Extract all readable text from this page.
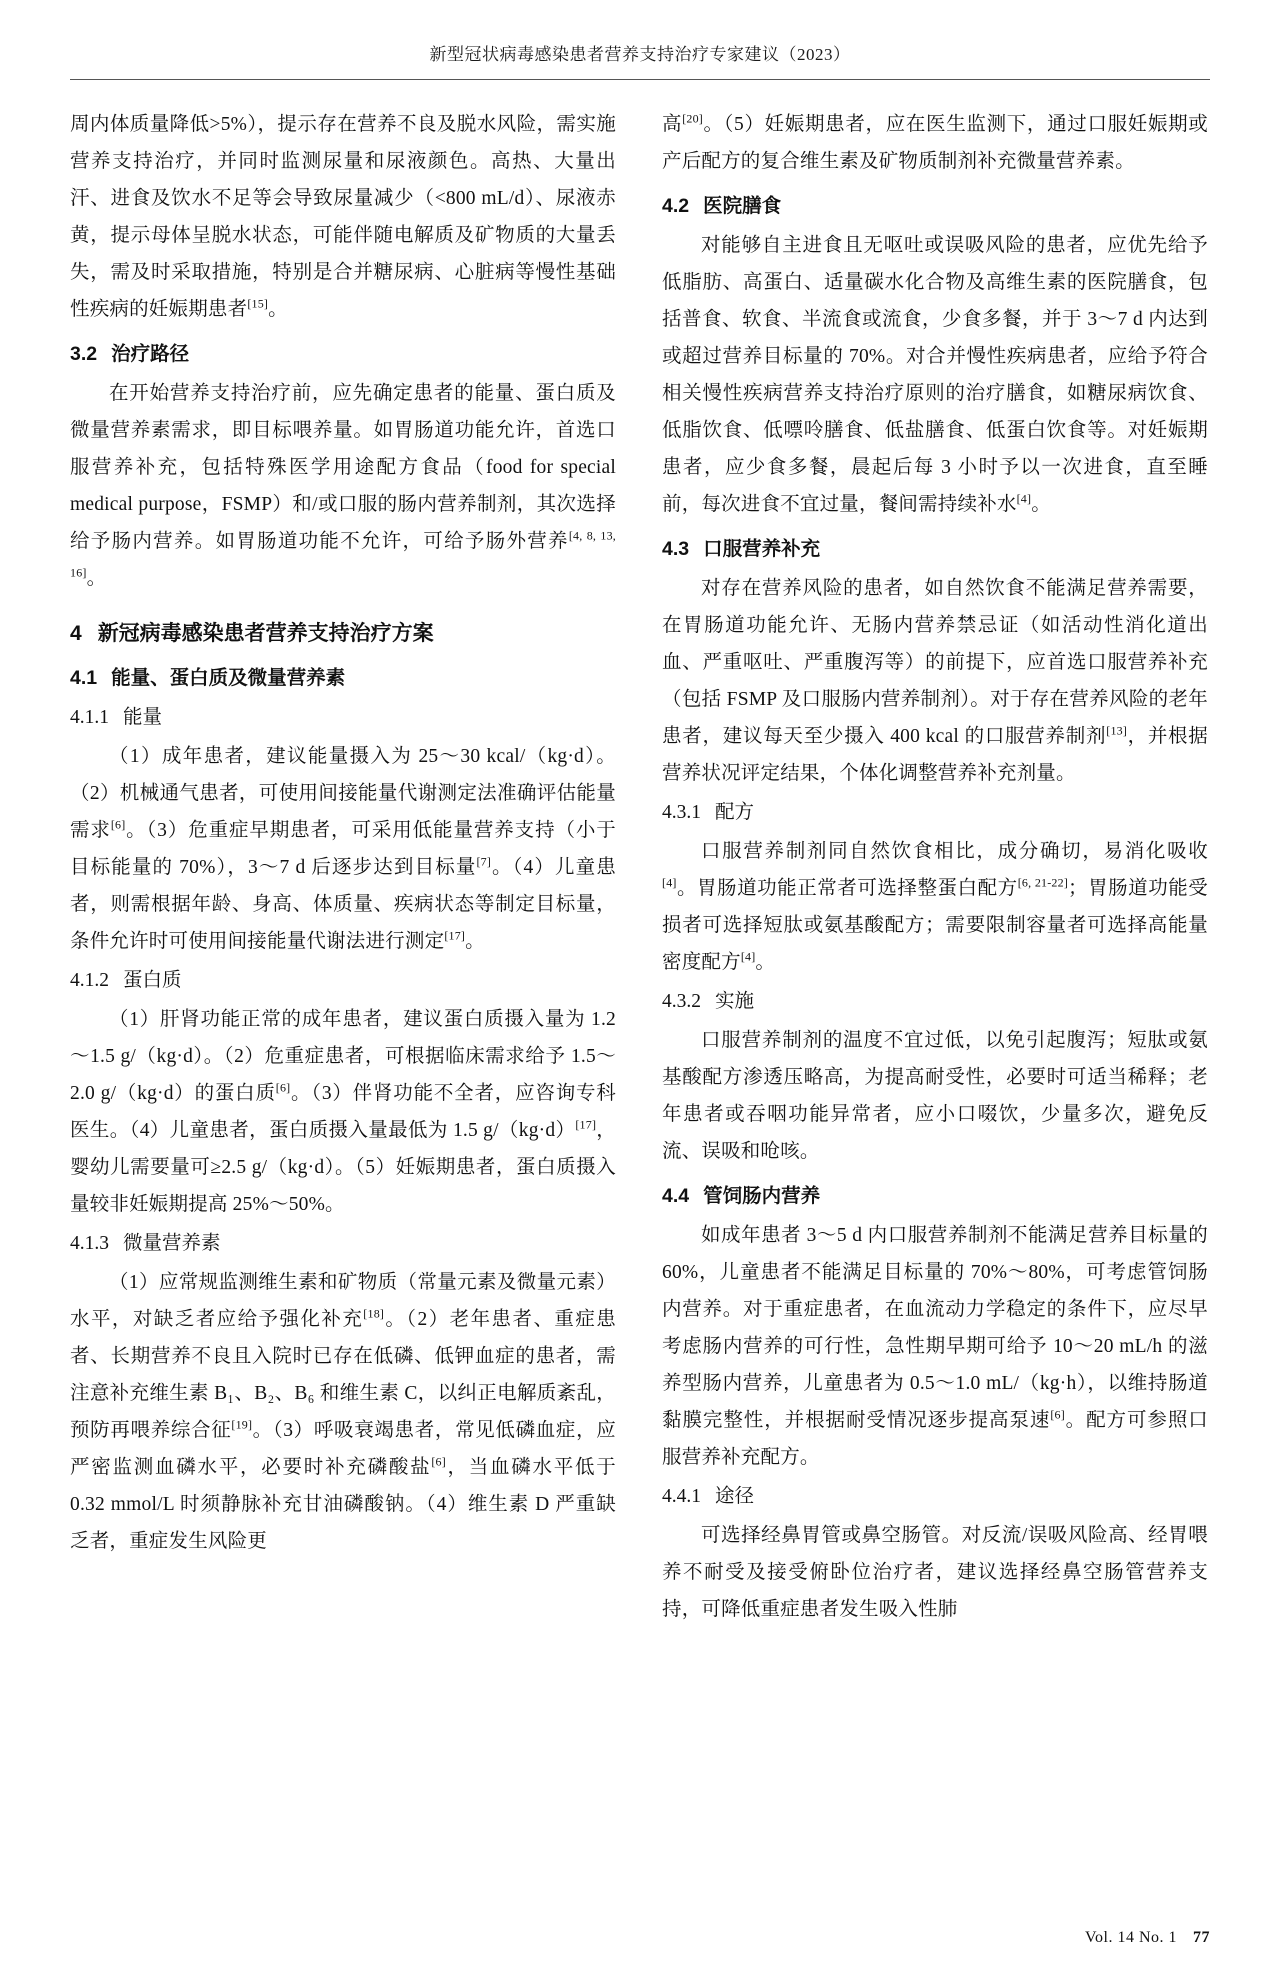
新型冠状病毒感染患者营养支持治疗专家建议（2023）

周内体质量降低>5%），提示存在营养不良及脱水风险，需实施营养支持治疗，并同时监测尿量和尿液颜色。高热、大量出汗、进食及饮水不足等会导致尿量减少（<800 mL/d）、尿液赤黄，提示母体呈脱水状态，可能伴随电解质及矿物质的大量丢失，需及时采取措施，特别是合并糖尿病、心脏病等慢性基础性疾病的妊娠期患者[15]。

3.2 治疗路径

在开始营养支持治疗前，应先确定患者的能量、蛋白质及微量营养素需求，即目标喂养量。如胃肠道功能允许，首选口服营养补充，包括特殊医学用途配方食品（food for special medical purpose，FSMP）和/或口服的肠内营养制剂，其次选择给予肠内营养。如胃肠道功能不允许，可给予肠外营养[4, 8, 13, 16]。

4 新冠病毒感染患者营养支持治疗方案
4.1 能量、蛋白质及微量营养素
4.1.1 能量

（1）成年患者，建议能量摄入为 25～30 kcal/（kg·d）。（2）机械通气患者，可使用间接能量代谢测定法准确评估能量需求[6]。（3）危重症早期患者，可采用低能量营养支持（小于目标能量的 70%），3～7 d 后逐步达到目标量[7]。（4）儿童患者，则需根据年龄、身高、体质量、疾病状态等制定目标量，条件允许时可使用间接能量代谢法进行测定[17]。

4.1.2 蛋白质

（1）肝肾功能正常的成年患者，建议蛋白质摄入量为 1.2～1.5 g/（kg·d）。（2）危重症患者，可根据临床需求给予 1.5～2.0 g/（kg·d）的蛋白质[6]。（3）伴肾功能不全者，应咨询专科医生。（4）儿童患者，蛋白质摄入量最低为 1.5 g/（kg·d）[17]，婴幼儿需要量可≥2.5 g/（kg·d）。（5）妊娠期患者，蛋白质摄入量较非妊娠期提高 25%～50%。

4.1.3 微量营养素

（1）应常规监测维生素和矿物质（常量元素及微量元素）水平，对缺乏者应给予强化补充[18]。（2）老年患者、重症患者、长期营养不良且入院时已存在低磷、低钾血症的患者，需注意补充维生素 B₁、B₂、B₆ 和维生素 C，以纠正电解质紊乱，预防再喂养综合征[19]。（3）呼吸衰竭患者，常见低磷血症，应严密监测血磷水平，必要时补充磷酸盐[6]，当血磷水平低于 0.32 mmol/L 时须静脉补充甘油磷酸钠。（4）维生素 D 严重缺乏者，重症发生风险更

高[20]。（5）妊娠期患者，应在医生监测下，通过口服妊娠期或产后配方的复合维生素及矿物质制剂补充微量营养素。

4.2 医院膳食

对能够自主进食且无呕吐或误吸风险的患者，应优先给予低脂肪、高蛋白、适量碳水化合物及高维生素的医院膳食，包括普食、软食、半流食或流食，少食多餐，并于 3～7 d 内达到或超过营养目标量的 70%。对合并慢性疾病患者，应给予符合相关慢性疾病营养支持治疗原则的治疗膳食，如糖尿病饮食、低脂饮食、低嘌呤膳食、低盐膳食、低蛋白饮食等。对妊娠期患者，应少食多餐，晨起后每 3 小时予以一次进食，直至睡前，每次进食不宜过量，餐间需持续补水[4]。

4.3 口服营养补充

对存在营养风险的患者，如自然饮食不能满足营养需要，在胃肠道功能允许、无肠内营养禁忌证（如活动性消化道出血、严重呕吐、严重腹泻等）的前提下，应首选口服营养补充（包括 FSMP 及口服肠内营养制剂）。对于存在营养风险的老年患者，建议每天至少摄入 400 kcal 的口服营养制剂[13]，并根据营养状况评定结果，个体化调整营养补充剂量。

4.3.1 配方

口服营养制剂同自然饮食相比，成分确切，易消化吸收[4]。胃肠道功能正常者可选择整蛋白配方[6, 21-22]；胃肠道功能受损者可选择短肽或氨基酸配方；需要限制容量者可选择高能量密度配方[4]。

4.3.2 实施

口服营养制剂的温度不宜过低，以免引起腹泻；短肽或氨基酸配方渗透压略高，为提高耐受性，必要时可适当稀释；老年患者或吞咽功能异常者，应小口啜饮，少量多次，避免反流、误吸和呛咳。

4.4 管饲肠内营养

如成年患者 3～5 d 内口服营养制剂不能满足营养目标量的 60%，儿童患者不能满足目标量的 70%～80%，可考虑管饲肠内营养。对于重症患者，在血流动力学稳定的条件下，应尽早考虑肠内营养的可行性，急性期早期可给予 10～20 mL/h 的滋养型肠内营养，儿童患者为 0.5～1.0 mL/（kg·h），以维持肠道黏膜完整性，并根据耐受情况逐步提高泵速[6]。配方可参照口服营养补充配方。

4.4.1 途径

可选择经鼻胃管或鼻空肠管。对反流/误吸风险高、经胃喂养不耐受及接受俯卧位治疗者，建议选择经鼻空肠管营养支持，可降低重症患者发生吸入性肺

Vol. 14 No. 1 77
